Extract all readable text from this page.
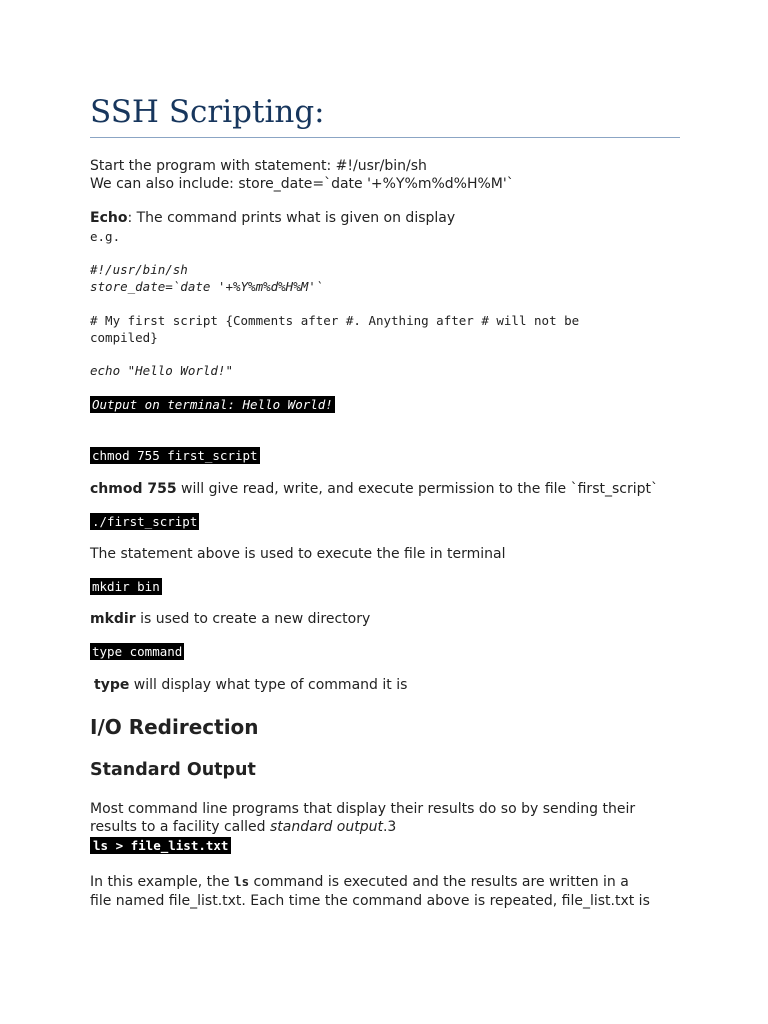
SSH Scripting:
Start the program with statement: #!/usr/bin/sh
We can also include: store_date=`date '+%Y%m%d%H%M'`
Echo: The command prints what is given on display
e.g.
#!/usr/bin/sh
store_date=`date '+%Y%m%d%H%M'`
# My first script {Comments after #. Anything after # will not be
compiled}
echo "Hello World!"
Output on terminal: Hello World!
chmod 755 first_script
chmod 755 will give read, write, and execute permission to the file `first_script`
./first_script
The statement above is used to execute the file in terminal
mkdir bin
mkdir is used to create a new directory
type command
type will display what type of command it is
I/O Redirection
Standard Output
Most command line programs that display their results do so by sending their
results to a facility called standard output.3
ls > file_list.txt
In this example, the ls command is executed and the results are written in a
file named file_list.txt. Each time the command above is repeated, file_list.txt is
